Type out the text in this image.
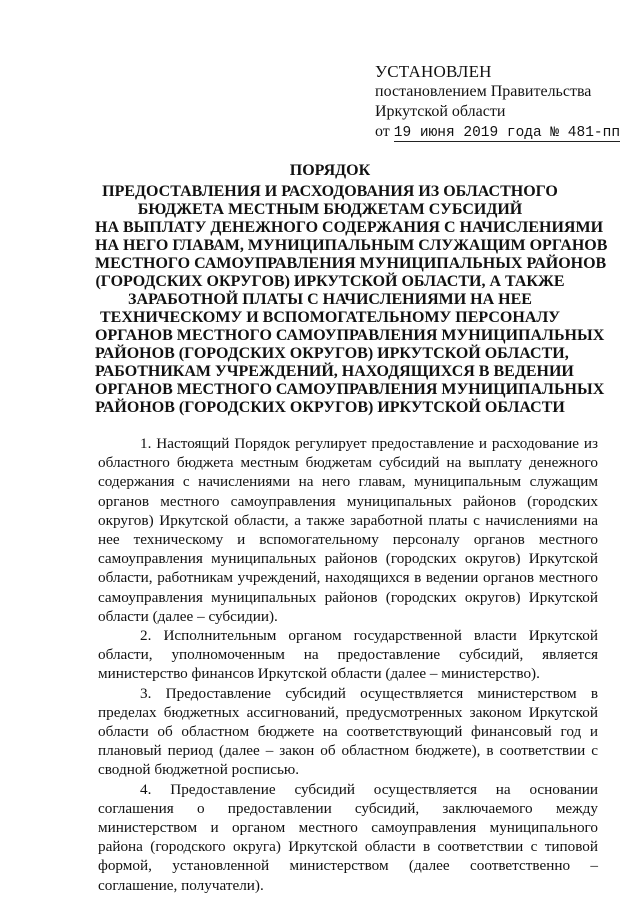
УСТАНОВЛЕН
постановлением Правительства
Иркутской области
от 19 июня 2019 года № 481-пп
ПОРЯДОК
ПРЕДОСТАВЛЕНИЯ И РАСХОДОВАНИЯ ИЗ ОБЛАСТНОГО
БЮДЖЕТА МЕСТНЫМ БЮДЖЕТАМ СУБСИДИЙ
НА ВЫПЛАТУ ДЕНЕЖНОГО СОДЕРЖАНИЯ С НАЧИСЛЕНИЯМИ
НА НЕГО ГЛАВАМ, МУНИЦИПАЛЬНЫМ СЛУЖАЩИМ ОРГАНОВ
МЕСТНОГО САМОУПРАВЛЕНИЯ МУНИЦИПАЛЬНЫХ РАЙОНОВ
(ГОРОДСКИХ ОКРУГОВ) ИРКУТСКОЙ ОБЛАСТИ, А ТАКЖЕ
ЗАРАБОТНОЙ ПЛАТЫ С НАЧИСЛЕНИЯМИ НА НЕЕ
ТЕХНИЧЕСКОМУ И ВСПОМОГАТЕЛЬНОМУ ПЕРСОНАЛУ
ОРГАНОВ МЕСТНОГО САМОУПРАВЛЕНИЯ МУНИЦИПАЛЬНЫХ
РАЙОНОВ (ГОРОДСКИХ ОКРУГОВ) ИРКУТСКОЙ ОБЛАСТИ,
РАБОТНИКАМ УЧРЕЖДЕНИЙ, НАХОДЯЩИХСЯ В ВЕДЕНИИ
ОРГАНОВ МЕСТНОГО САМОУПРАВЛЕНИЯ МУНИЦИПАЛЬНЫХ
РАЙОНОВ (ГОРОДСКИХ ОКРУГОВ) ИРКУТСКОЙ ОБЛАСТИ

1. Настоящий Порядок регулирует предоставление и расходование из областного бюджета местным бюджетам субсидий на выплату денежного содержания с начислениями на него главам, муниципальным служащим органов местного самоуправления муниципальных районов (городских округов) Иркутской области, а также заработной платы с начислениями на нее техническому и вспомогательному персоналу органов местного самоуправления муниципальных районов (городских округов) Иркутской области, работникам учреждений, находящихся в ведении органов местного самоуправления муниципальных районов (городских округов) Иркутской области (далее – субсидии).

2. Исполнительным органом государственной власти Иркутской области, уполномоченным на предоставление субсидий, является министерство финансов Иркутской области (далее – министерство).

3. Предоставление субсидий осуществляется министерством в пределах бюджетных ассигнований, предусмотренных законом Иркутской области об областном бюджете на соответствующий финансовый год и плановый период (далее – закон об областном бюджете), в соответствии с сводной бюджетной росписью.

4. Предоставление субсидий осуществляется на основании соглашения о предоставлении субсидий, заключаемого между министерством и органом местного самоуправления муниципального района (городского округа) Иркутской области в соответствии с типовой формой, установленной министерством (далее соответственно – соглашение, получатели).
